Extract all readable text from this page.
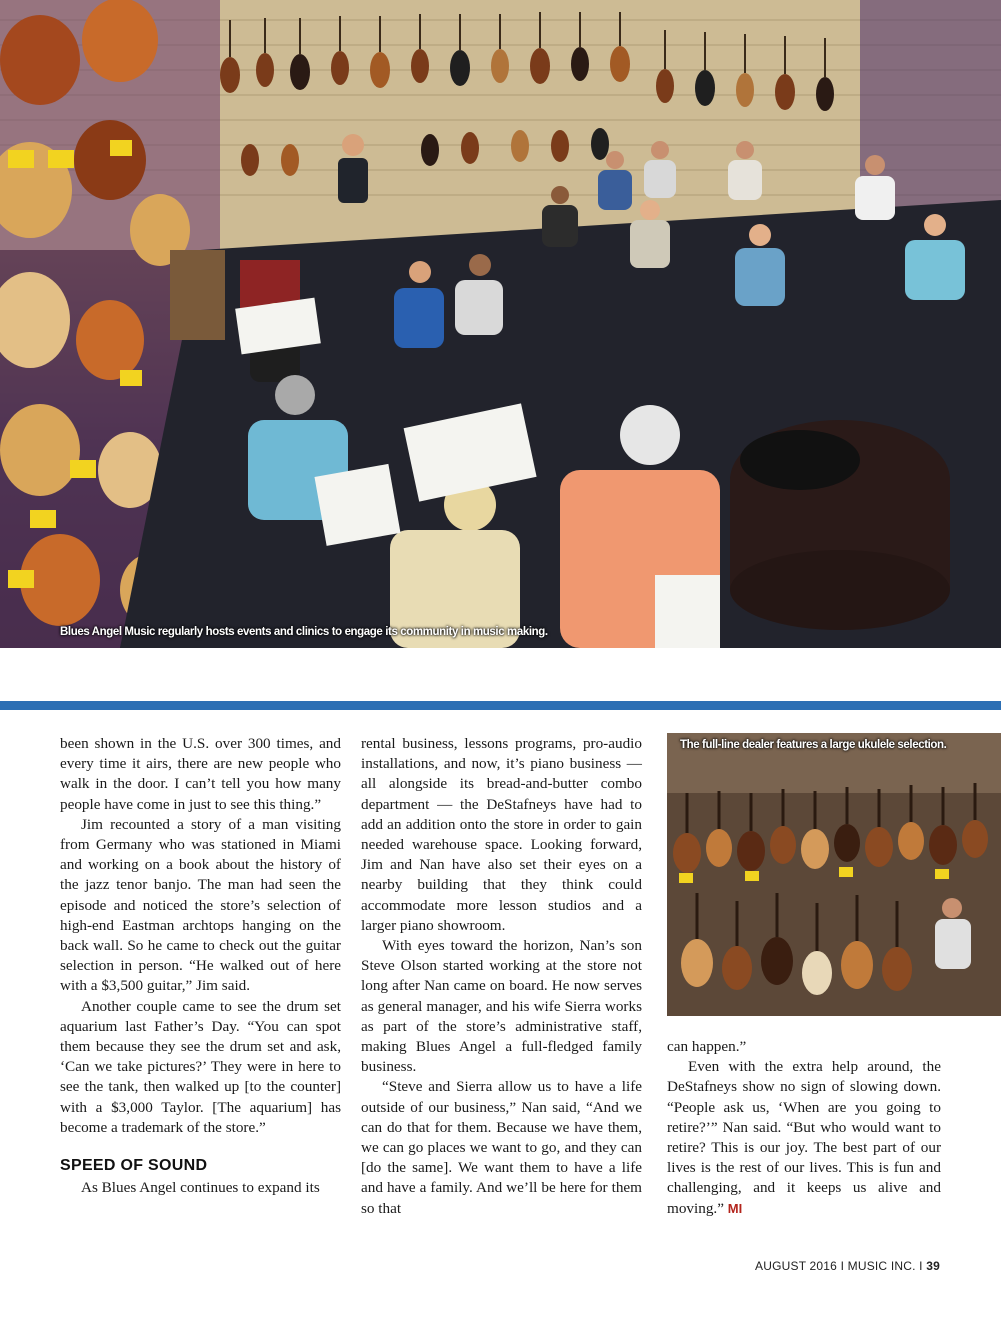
Blues Angel Music regularly hosts events and clinics to engage its community in music making.

been shown in the U.S. over 300 times, and every time it airs, there are new people who walk in the door. I can’t tell you how many people have come in just to see this thing.”

Jim recounted a story of a man visiting from Germany who was stationed in Miami and working on a book about the history of the jazz tenor banjo. The man had seen the episode and noticed the store’s selection of high-end Eastman archtops hanging on the back wall. So he came to check out the guitar selection in person. “He walked out of here with a $3,500 guitar,” Jim said.

Another couple came to see the drum set aquarium last Father’s Day. “You can spot them because they see the drum set and ask, ‘Can we take pictures?’ They were in here to see the tank, then walked up [to the counter] with a $3,000 Taylor. [The aquarium] has become a trademark of the store.”

SPEED OF SOUND

As Blues Angel continues to expand its

rental business, lessons programs, pro-audio installations, and now, it’s piano business — all alongside its bread-and-butter combo department — the DeStafneys have had to add an addition onto the store in order to gain needed warehouse space. Looking forward, Jim and Nan have also set their eyes on a nearby building that they think could accommodate more lesson studios and a larger piano showroom.

With eyes toward the horizon, Nan’s son Steve Olson started working at the store not long after Nan came on board. He now serves as general manager, and his wife Sierra works as part of the store’s administrative staff, making Blues Angel a full-fledged family business.

“Steve and Sierra allow us to have a life outside of our business,” Nan said, “And we can do that for them. Because we have them, we can go places we want to go, and they can [do the same]. We want them to have a life and have a family. And we’ll be here for them so that

The full-line dealer features a large ukulele selection.

can happen.”

Even with the extra help around, the DeStafneys show no sign of slowing down. “People ask us, ‘When are you going to retire?’” Nan said. “But who would want to retire? This is our joy. The best part of our lives is the rest of our lives. This is fun and challenging, and it keeps us alive and moving.” MI

AUGUST 2016 I MUSIC INC. I 39
